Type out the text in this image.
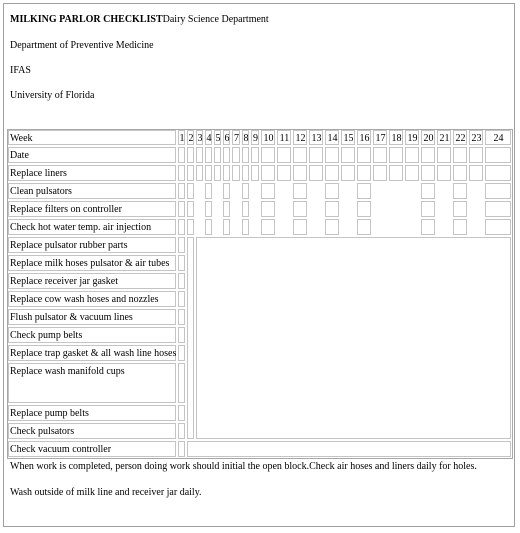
MILKING PARLOR CHECKLISTDairy Science Department
Department of Preventive Medicine
IFAS
University of Florida
Week
Date
Replace liners
Clean pulsators
Replace filters on controller
Check hot water temp. air injection
Replace pulsator rubber parts
Replace milk hoses pulsator & air tubes
Replace receiver jar gasket
Replace cow wash hoses and nozzles
Flush pulsator & vacuum lines
Check pump belts
Replace trap gasket & all wash line hoses
Replace wash manifold cups
Replace pump belts
Check pulsators
Check vacuum controller
1 2 3 4 5 6 7 8 9 10 11 12 13 14 15 16 17 18 19 20 21 22 23 24
When work is completed, person doing work should initial the open block.Check air hoses and liners daily for holes.
Wash outside of milk line and receiver jar daily.
